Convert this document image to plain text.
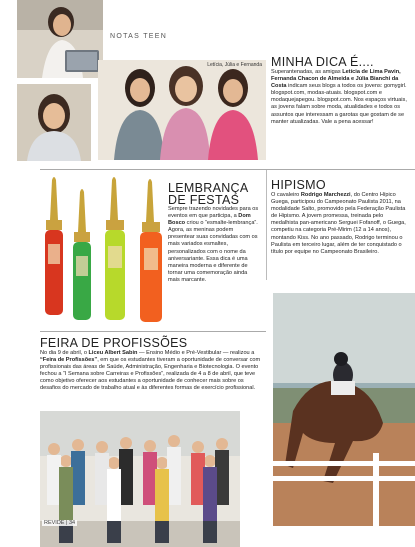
NOTAS TEEN
Letícia, Júlia e Fernanda MINHA DICA É....
Superantenadas, as amigas Letícia de Lima Pavin, Fernanda Chacon de Almeida e Júlia Bianchi da Costa indicam seus blogs a todos os jovens: gomygirl. blogspot.com, modas-atuais. blogspot.com e modaquejapegou. blogspot.com. Nos espaços virtuais, as jovens falam sobre moda, atualidades e todos os assuntos que interessam a garotas que gostam de se manter atualizadas. Vale a pena acessar!
LEMBRANÇA
DE FESTAS
Sempre trazendo novidades para os eventos em que participa, a Dom Bosco criou o “esmalte-lembrança”. Agora, as meninas podem presentear suas convidadas com os mais variados esmaltes, personalizados com o nome da aniversariante. Essa dica é uma maneira moderna e diferente de tornar uma comemoração ainda mais marcante.
HIPISMO
O cavaleiro Rodrigo Marchezzi, do Centro Hípico Guega, participou do Campeonato Paulista 2011, na modalidade Salto, promovido pela Federação Paulista de Hipismo. A jovem promessa, treinada pelo medalhista pan-americano Serguei Fofanoff, o Guega, competiu na categoria Pré-Mirim (12 a 14 anos), montando Kiss. No ano passado, Rodrigo terminou o Paulista em terceiro lugar, além de ter conquistado o título por equipe no Campeonato Brasileiro.
FEIRA DE PROFISSÕES
No dia 9 de abril, o Liceu Albert Sabin — Ensino Médio e Pré-Vestibular — realizou a “Feira de Profissões”, em que os estudantes tiveram a oportunidade de conversar com profissionais das áreas de Saúde, Administração, Engenharia e Biotecnologia. O evento fechou a “I Semana sobre Carreiras e Profissões”, realizada de 4 a 8 de abril, que teve como objetivo oferecer aos estudantes a oportunidade de conhecer mais sobre os desafios do mercado de trabalho atual e às diferentes formas de exercício profissional.
REVIDE | 34
